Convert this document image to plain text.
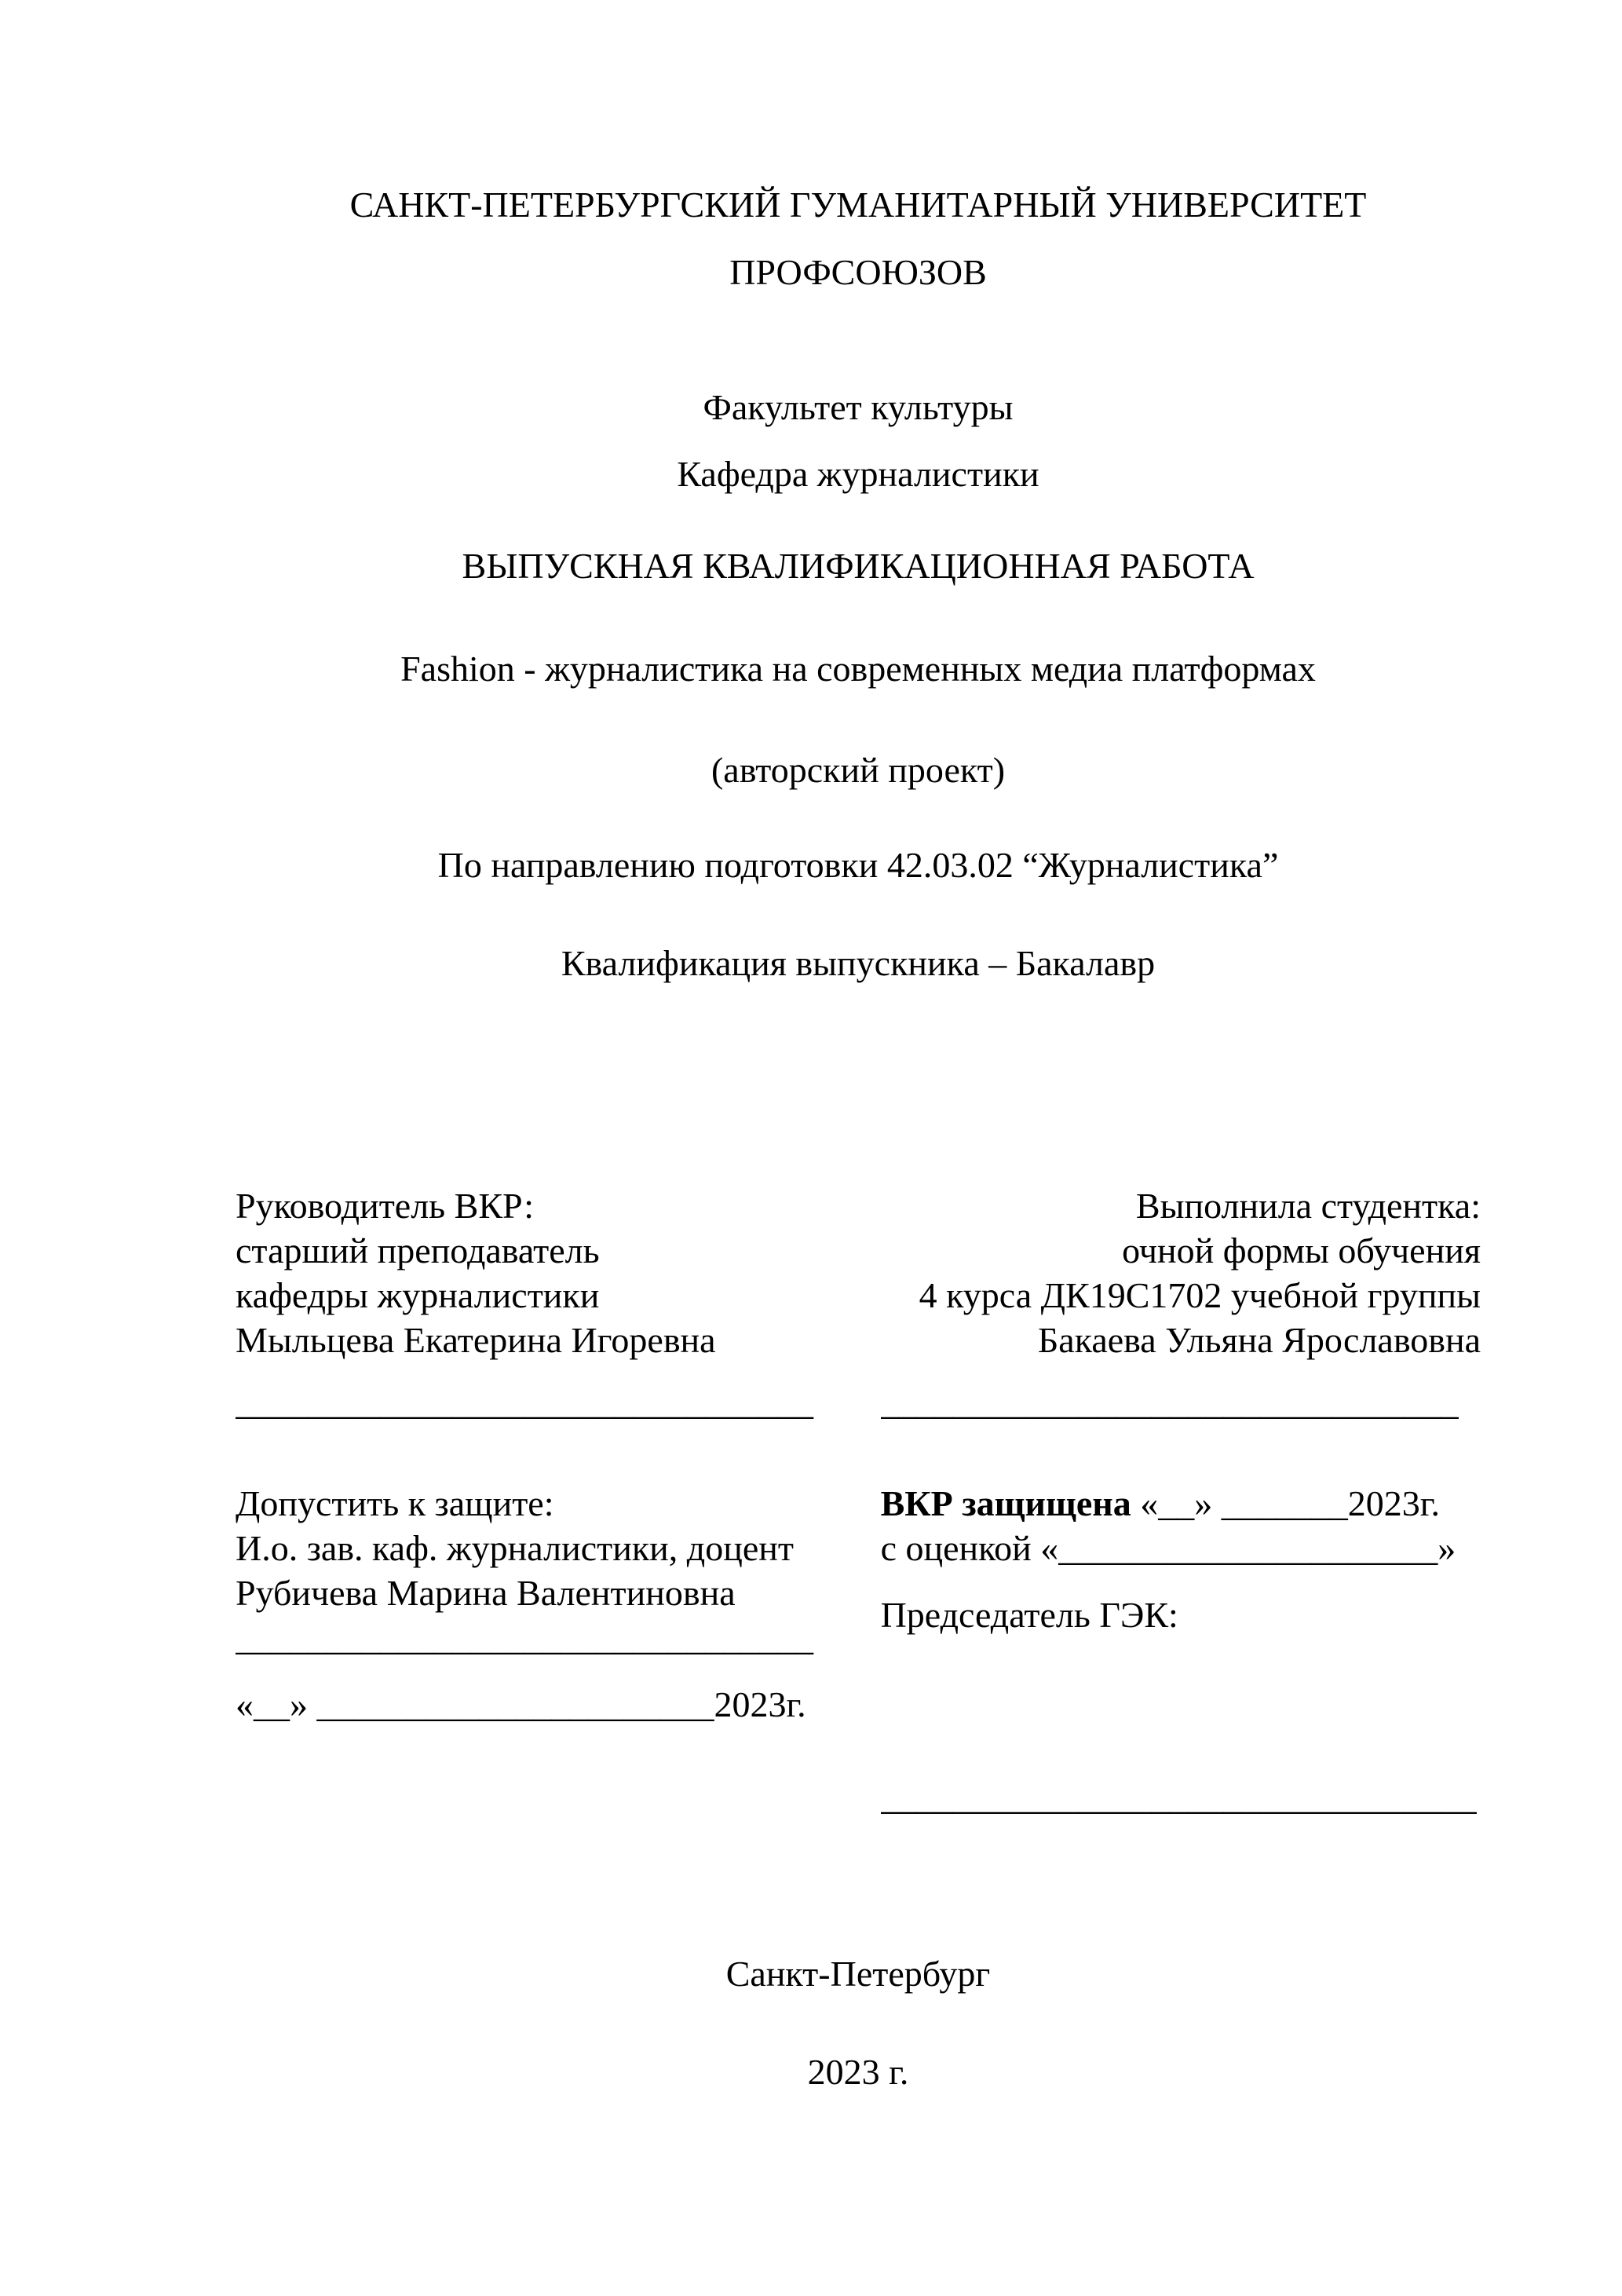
САНКТ-ПЕТЕРБУРГСКИЙ ГУМАНИТАРНЫЙ УНИВЕРСИТЕТ
ПРОФСОЮЗОВ
Факультет культуры
Кафедра журналистики
ВЫПУСКНАЯ КВАЛИФИКАЦИОННАЯ РАБОТА
Fashion - журналистика на современных медиа платформах
(авторский проект)
По направлению подготовки 42.03.02 “Журналистика”
Квалификация выпускника – Бакалавр
Руководитель ВКР:
старший преподаватель
кафедры журналистики
Мыльцева Екатерина Игоревна
Выполнила студентка:
очной формы обучения
4 курса ДК19С1702 учебной группы
Бакаева Ульяна Ярославовна
________________________________	________________________________
Допустить к защите:
И.о. зав. каф. журналистики, доцент
Рубичева Марина Валентиновна
________________________________
«__» ______________________2023г.
ВКР защищена «__» _______2023г.
с оценкой «_____________________»
Председатель ГЭК:
_________________________________
Санкт-Петербург
2023 г.
